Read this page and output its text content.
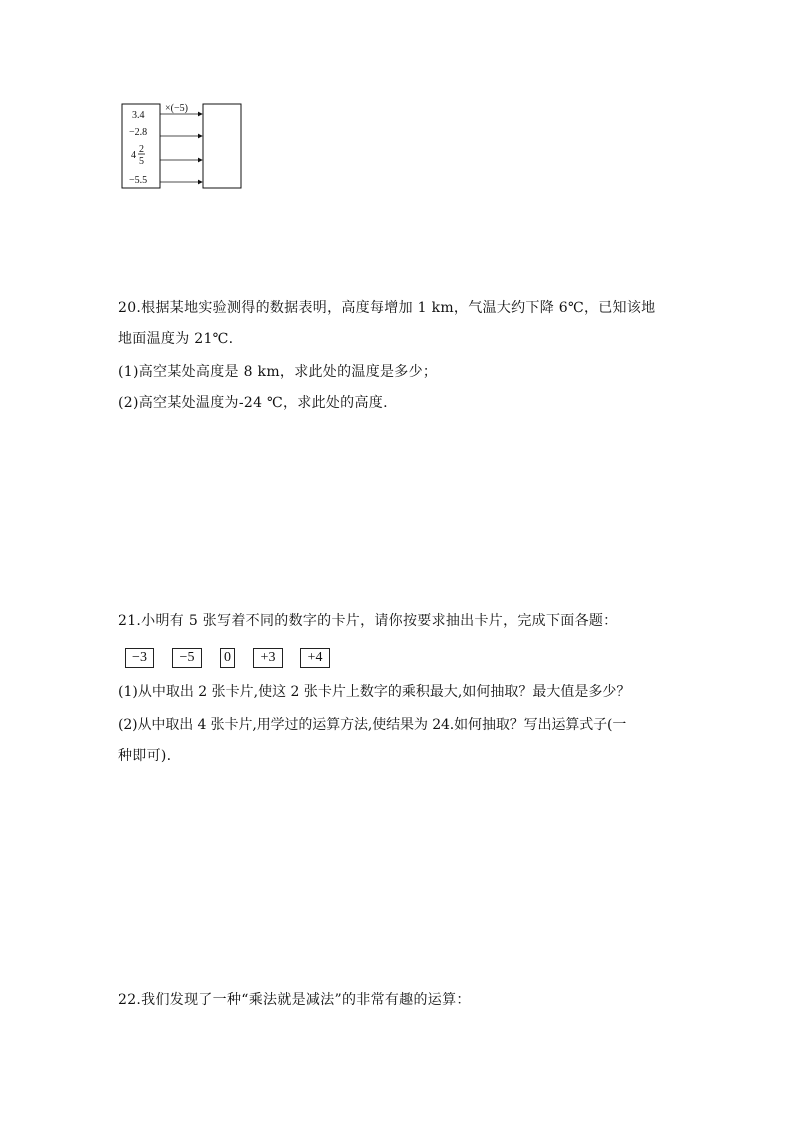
×(−5)
3.4
−2.8
4
2
5
−5.5
20.根据某地实验测得的数据表明，高度每增加 1 km，气温大约下降 6℃，已知该地
地面温度为 21℃.
(1)高空某处高度是 8 km，求此处的温度是多少；
(2)高空某处温度为-24 ℃，求此处的高度.
21.小明有 5 张写着不同的数字的卡片，请你按要求抽出卡片，完成下面各题：
−3	−5	0	+3	+4
(1)从中取出 2 张卡片,使这 2 张卡片上数字的乘积最大,如何抽取？最大值是多少？
(2)从中取出 4 张卡片,用学过的运算方法,使结果为 24.如何抽取？写出运算式子(一
种即可).
22.我们发现了一种“乘法就是减法”的非常有趣的运算：
